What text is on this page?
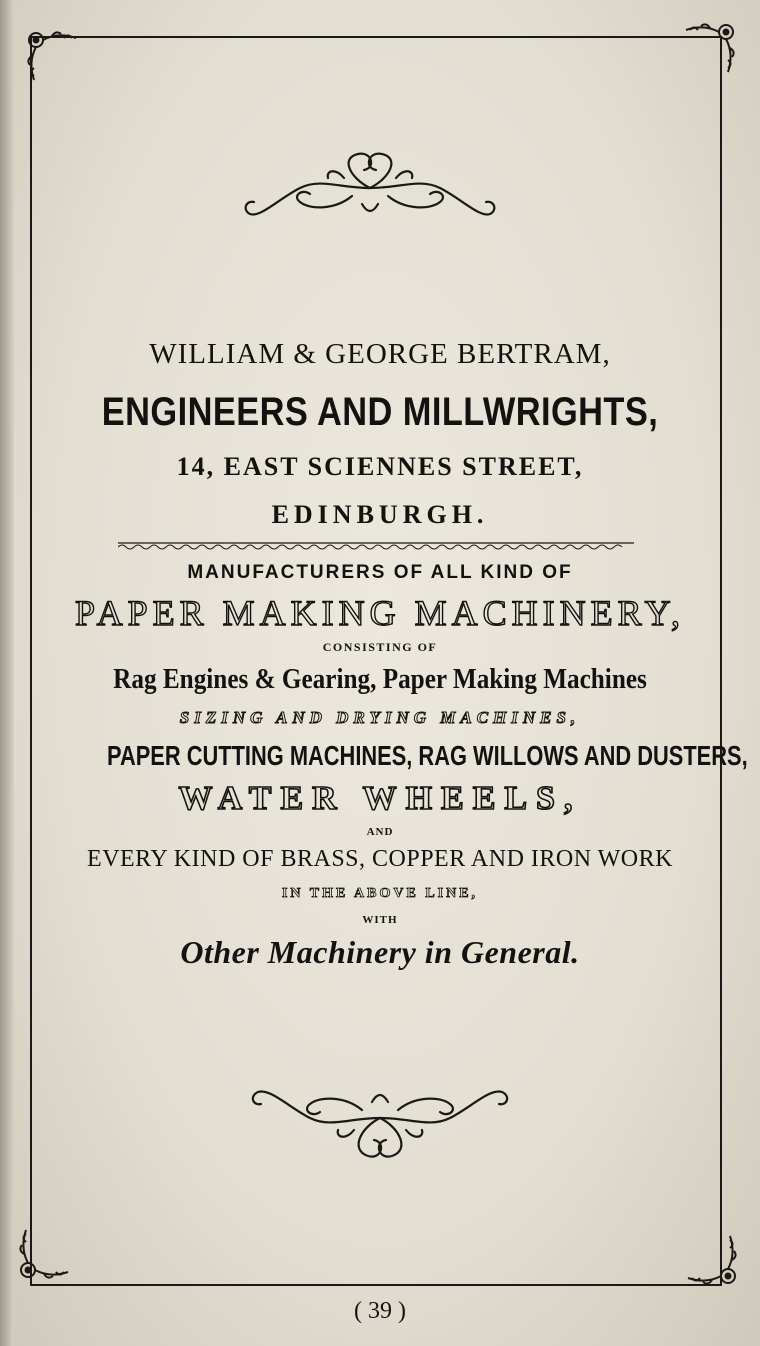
WILLIAM & GEORGE BERTRAM,
ENGINEERS AND MILLWRIGHTS,
14, EAST SCIENNES STREET,
EDINBURGH.
MANUFACTURERS OF ALL KIND OF
PAPER MAKING MACHINERY,
CONSISTING OF
Rag Engines & Gearing, Paper Making Machines
SIZING AND DRYING MACHINES,
PAPER CUTTING MACHINES, RAG WILLOWS AND DUSTERS,
WATER WHEELS,
AND
EVERY KIND OF BRASS, COPPER AND IRON WORK
IN THE ABOVE LINE,
WITH
Other Machinery in General.
( 39 )
